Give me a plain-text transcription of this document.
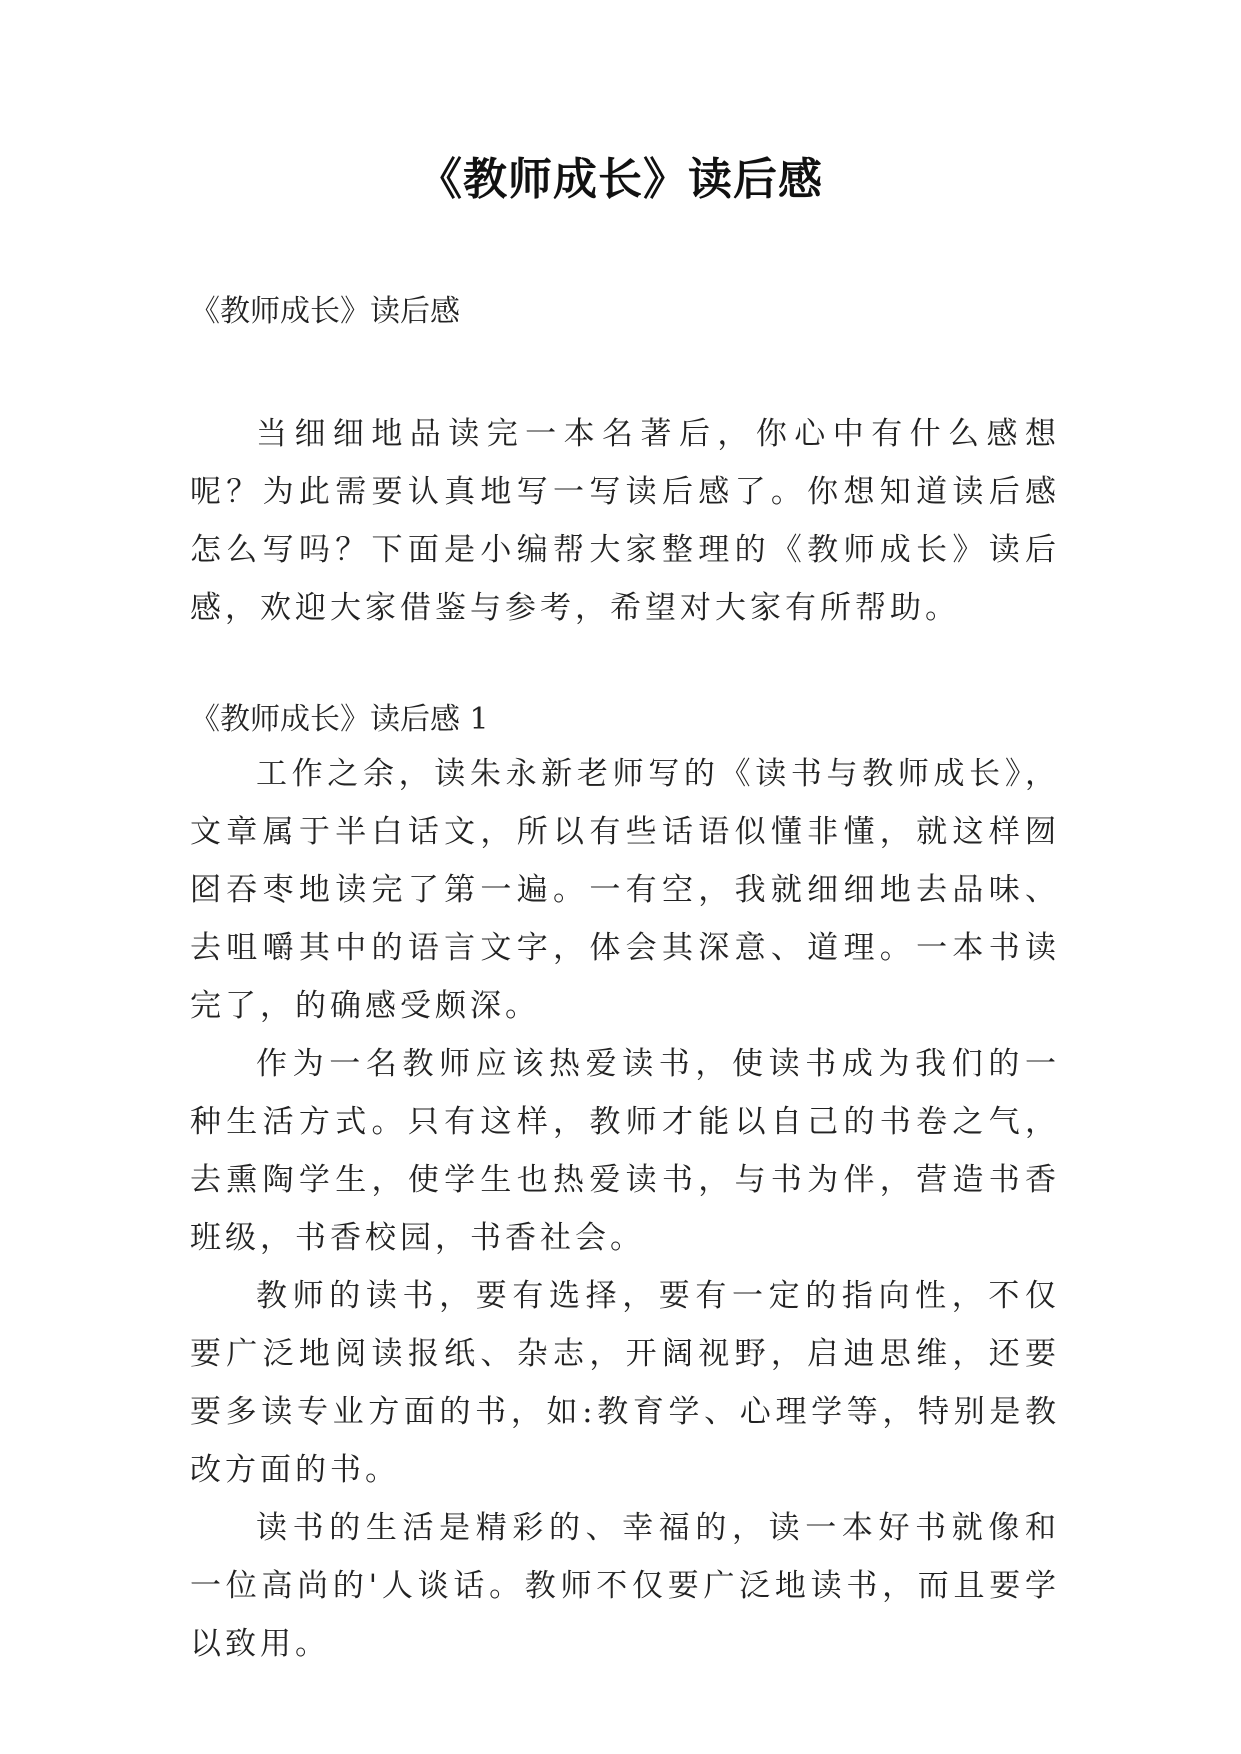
《教师成长》读后感
《教师成长》读后感

当细细地品读完一本名著后，你心中有什么感想呢？为此需要认真地写一写读后感了。你想知道读后感怎么写吗？下面是小编帮大家整理的《教师成长》读后感，欢迎大家借鉴与参考，希望对大家有所帮助。

《教师成长》读后感 1

工作之余，读朱永新老师写的《读书与教师成长》，文章属于半白话文，所以有些话语似懂非懂，就这样囫囵吞枣地读完了第一遍。一有空，我就细细地去品味、去咀嚼其中的语言文字，体会其深意、道理。一本书读完了，的确感受颇深。

作为一名教师应该热爱读书，使读书成为我们的一种生活方式。只有这样，教师才能以自己的书卷之气，去熏陶学生，使学生也热爱读书，与书为伴，营造书香班级，书香校园，书香社会。

教师的读书，要有选择，要有一定的指向性，不仅要广泛地阅读报纸、杂志，开阔视野，启迪思维，还要要多读专业方面的书，如:教育学、心理学等，特别是教改方面的书。

读书的生活是精彩的、幸福的，读一本好书就像和一位高尚的'人谈话。教师不仅要广泛地读书，而且要学以致用。
